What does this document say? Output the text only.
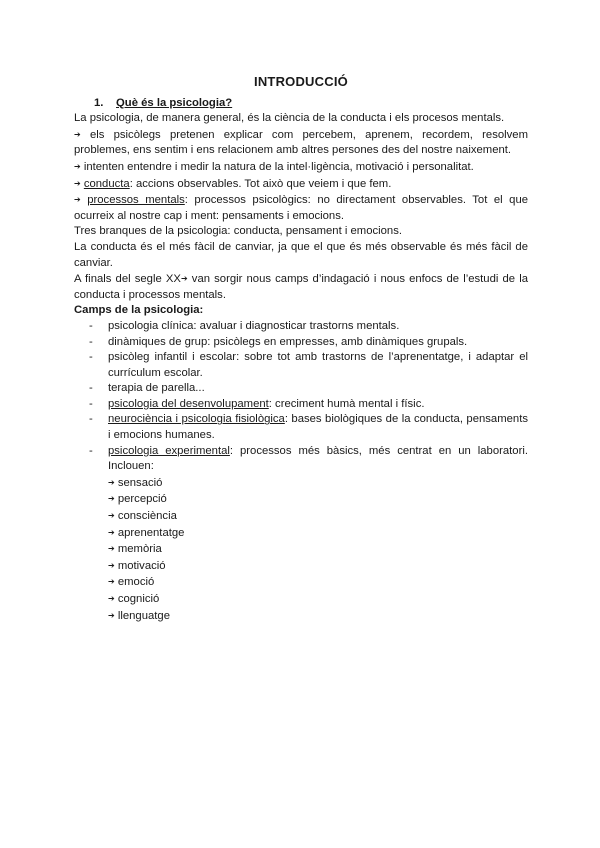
INTRODUCCIÓ
1. Què és la psicologia?

La psicologia, de manera general, és la ciència de la conducta i els procesos mentals.

➔ els psicòlegs pretenen explicar com percebem, aprenem, recordem, resolvem problemes, ens sentim i ens relacionem amb altres persones des del nostre naixement.

➔ intenten entendre i medir la natura de la intel·ligència, motivació i personalitat.

➔ conducta: accions observables. Tot això que veiem i que fem.

➔ processos mentals: processos psicològics: no directament observables. Tot el que ocurreix al nostre cap i ment: pensaments i emocions.

Tres branques de la psicologia: conducta, pensament i emocions.

La conducta és el més fàcil de canviar, ja que el que és més observable és més fàcil de canviar.

A finals del segle XX➔ van sorgir nous camps d’indagació i nous enfocs de l’estudi de la conducta i processos mentals.

Camps de la psicologia:
- psicologia clínica: avaluar i diagnosticar trastorns mentals.
- dinàmiques de grup: psicòlegs en empresses, amb dinàmiques grupals.
- psicòleg infantil i escolar: sobre tot amb trastorns de l’aprenentatge, i adaptar el currículum escolar.
- terapia de parella...
- psicologia del desenvolupament: creciment humà mental i físic.
- neurociència i psicologia fisiològica: bases biològiques de la conducta, pensaments i emocions humanes.
- psicologia experimental: processos més bàsics, més centrat en un laboratori. Inclouen:
➔ sensació
➔ percepció
➔ consciència
➔ aprenentatge
➔ memòria
➔ motivació
➔ emoció
➔ cognició
➔ llenguatge
